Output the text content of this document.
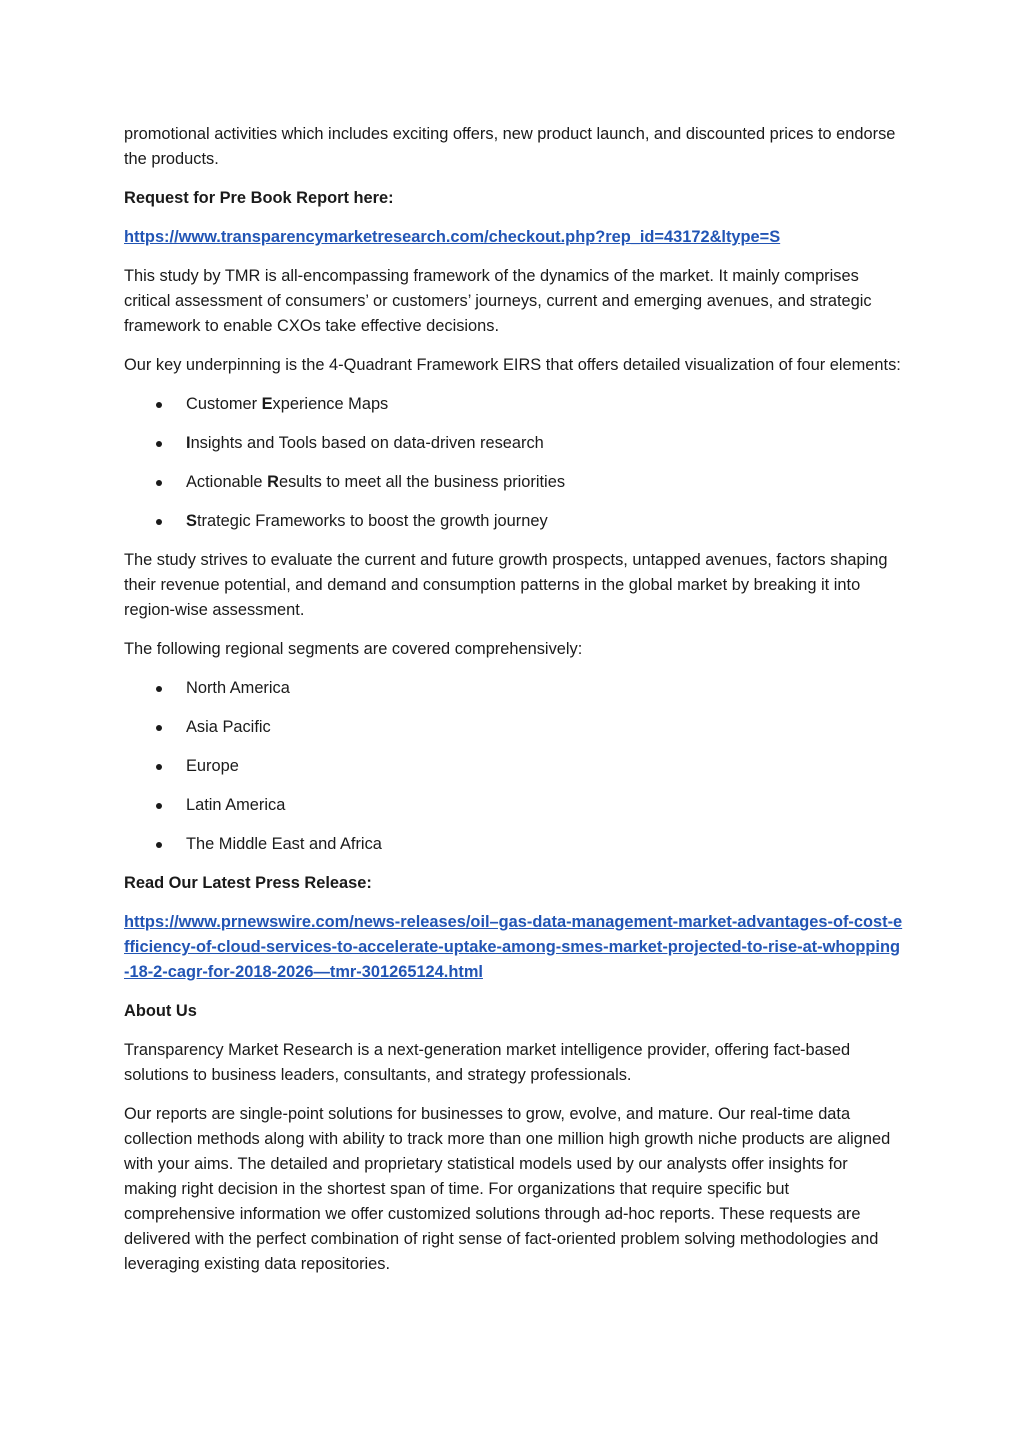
promotional activities which includes exciting offers, new product launch, and discounted prices to endorse the products.

Request for Pre Book Report here:

https://www.transparencymarketresearch.com/checkout.php?rep_id=43172&ltype=S

This study by TMR is all-encompassing framework of the dynamics of the market. It mainly comprises critical assessment of consumers’ or customers’ journeys, current and emerging avenues, and strategic framework to enable CXOs take effective decisions.

Our key underpinning is the 4-Quadrant Framework EIRS that offers detailed visualization of four elements:

Customer Experience Maps
Insights and Tools based on data-driven research
Actionable Results to meet all the business priorities
Strategic Frameworks to boost the growth journey

The study strives to evaluate the current and future growth prospects, untapped avenues, factors shaping their revenue potential, and demand and consumption patterns in the global market by breaking it into region-wise assessment.

The following regional segments are covered comprehensively:

North America
Asia Pacific
Europe
Latin America
The Middle East and Africa

Read Our Latest Press Release:

https://www.prnewswire.com/news-releases/oil–gas-data-management-market-advantages-of-cost-efficiency-of-cloud-services-to-accelerate-uptake-among-smes-market-projected-to-rise-at-whopping-18-2-cagr-for-2018-2026—tmr-301265124.html

About Us

Transparency Market Research is a next-generation market intelligence provider, offering fact-based solutions to business leaders, consultants, and strategy professionals.

Our reports are single-point solutions for businesses to grow, evolve, and mature. Our real-time data collection methods along with ability to track more than one million high growth niche products are aligned with your aims. The detailed and proprietary statistical models used by our analysts offer insights for making right decision in the shortest span of time. For organizations that require specific but comprehensive information we offer customized solutions through ad-hoc reports. These requests are delivered with the perfect combination of right sense of fact-oriented problem solving methodologies and leveraging existing data repositories.
